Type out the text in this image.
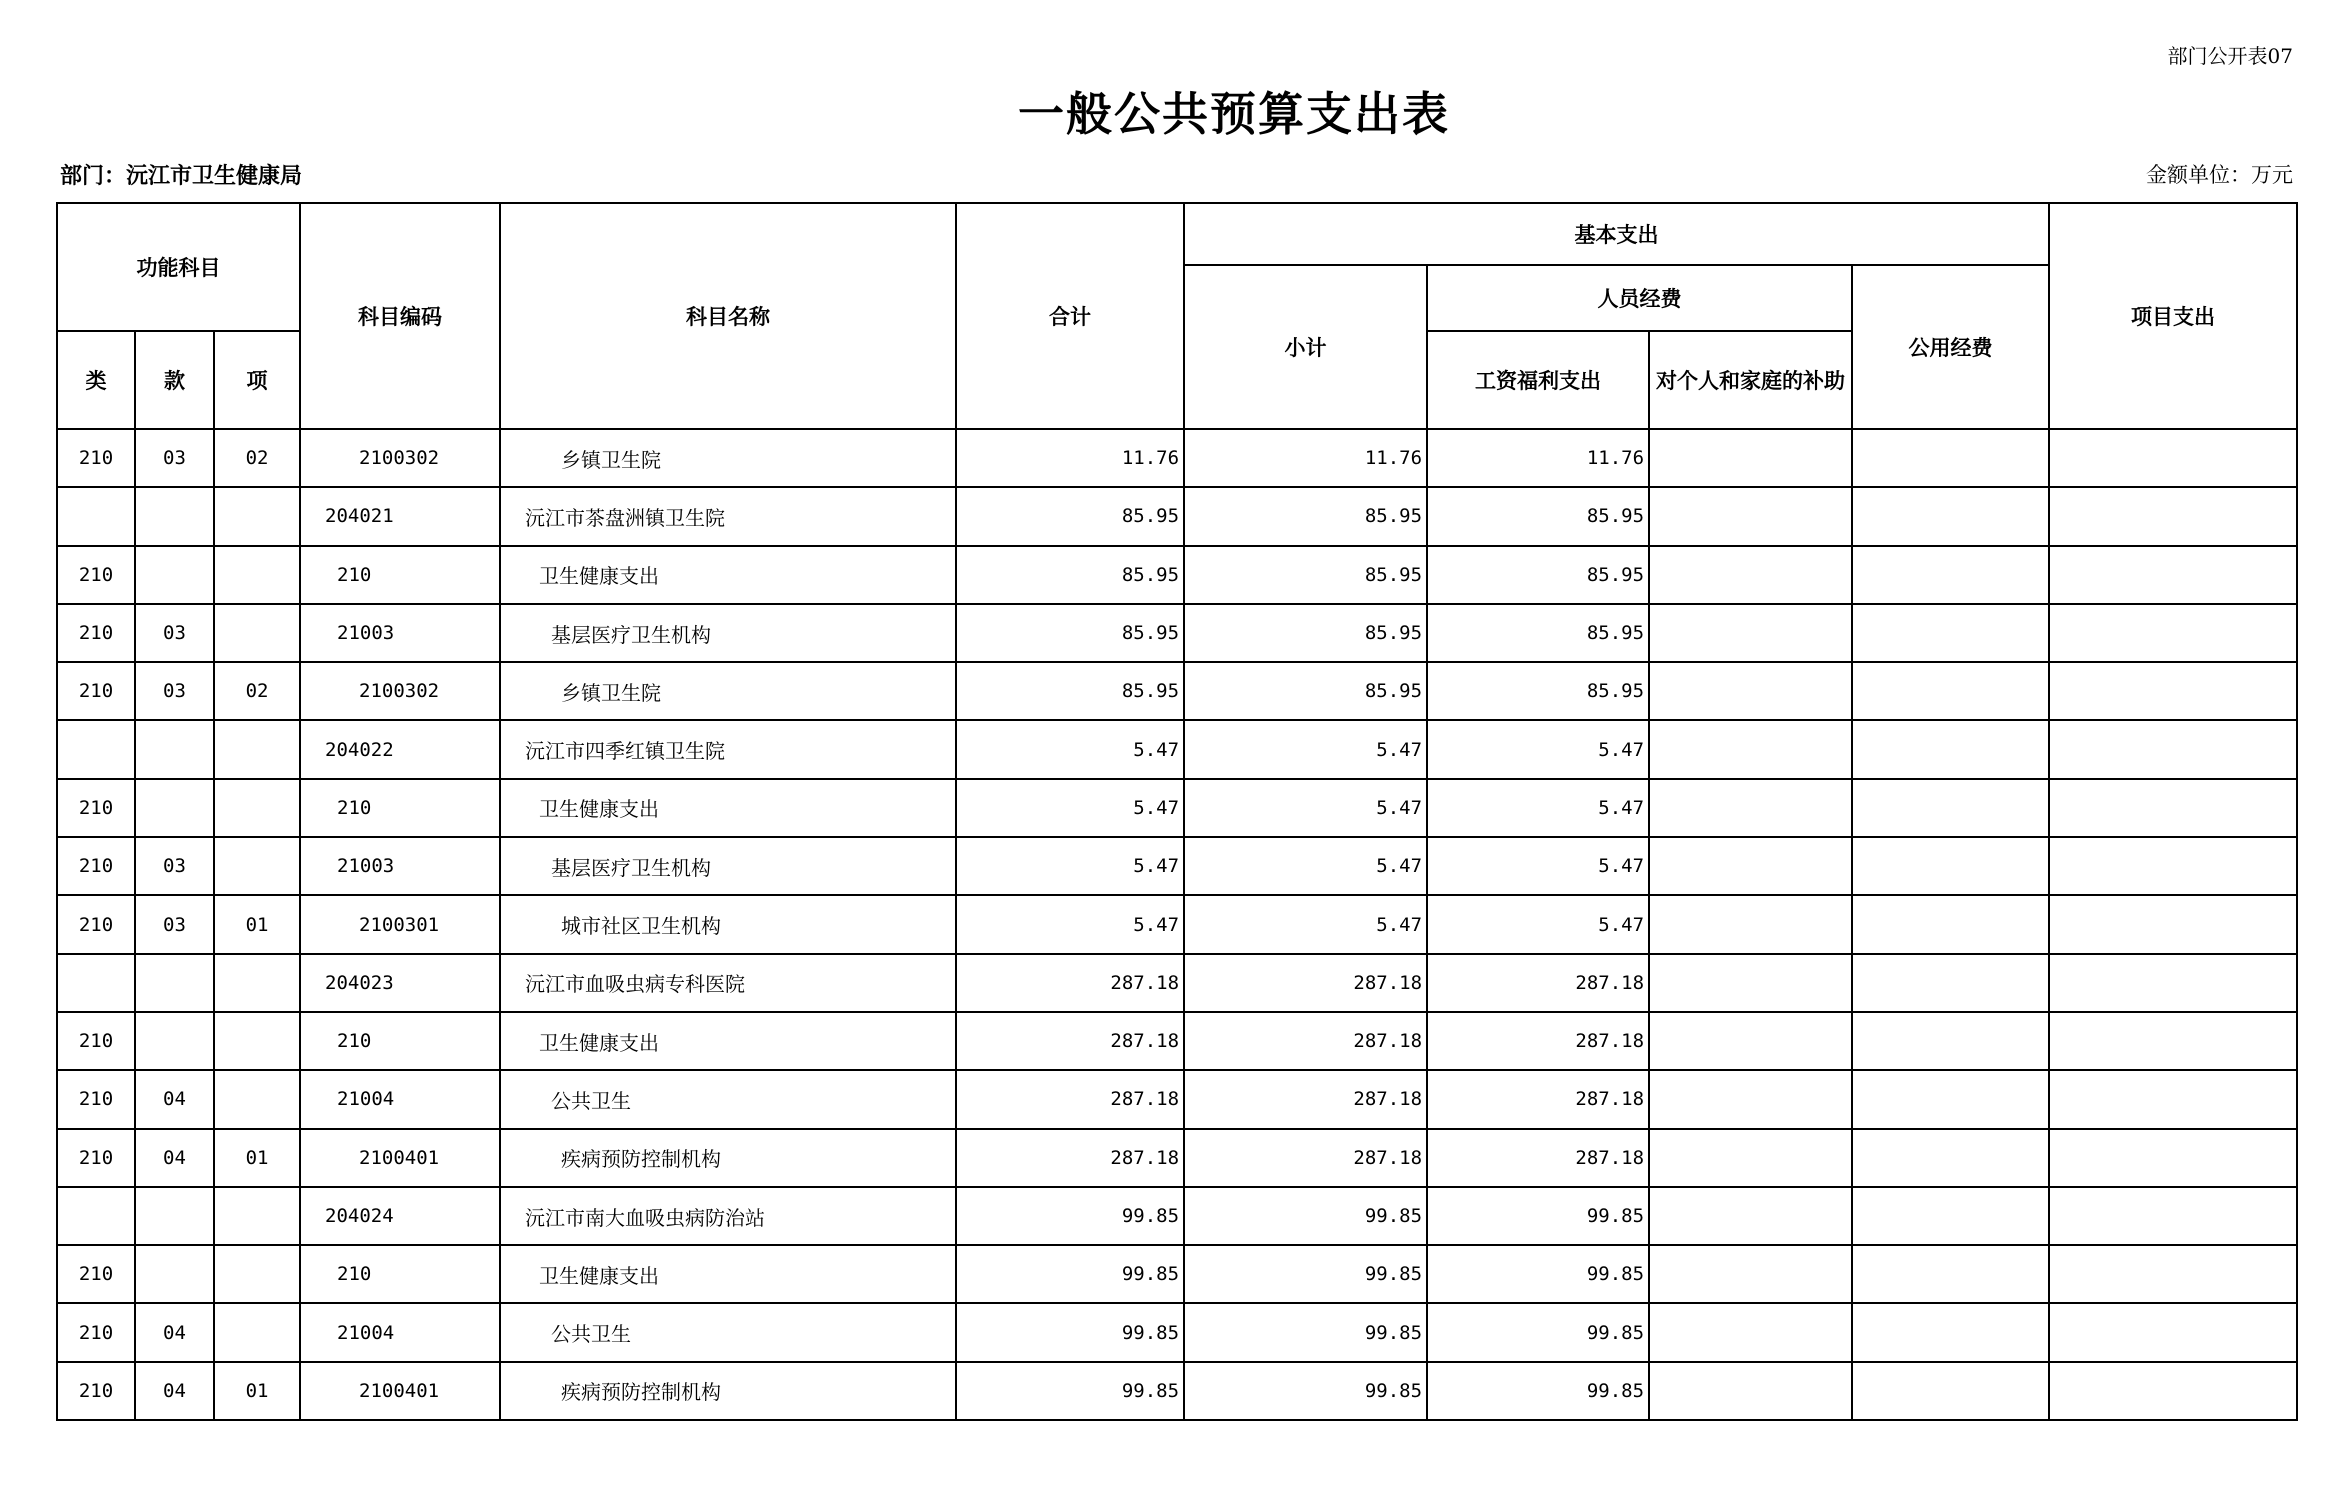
部门公开表07
一般公共预算支出表
部门：沅江市卫生健康局	金额单位：万元
功能科目			科目编码	科目名称	合计	基本支出				项目支出
						小计	人员经费		公用经费	
类	款	项					工资福利支出	对个人和家庭的补助		
210	03	02	2100302	乡镇卫生院	11.76	11.76	11.76			
			204021	沅江市茶盘洲镇卫生院	85.95	85.95	85.95			
210			210	卫生健康支出	85.95	85.95	85.95			
210	03		21003	基层医疗卫生机构	85.95	85.95	85.95			
210	03	02	2100302	乡镇卫生院	85.95	85.95	85.95			
			204022	沅江市四季红镇卫生院	5.47	5.47	5.47			
210			210	卫生健康支出	5.47	5.47	5.47			
210	03		21003	基层医疗卫生机构	5.47	5.47	5.47			
210	03	01	2100301	城市社区卫生机构	5.47	5.47	5.47			
			204023	沅江市血吸虫病专科医院	287.18	287.18	287.18			
210			210	卫生健康支出	287.18	287.18	287.18			
210	04		21004	公共卫生	287.18	287.18	287.18			
210	04	01	2100401	疾病预防控制机构	287.18	287.18	287.18			
			204024	沅江市南大血吸虫病防治站	99.85	99.85	99.85			
210			210	卫生健康支出	99.85	99.85	99.85			
210	04		21004	公共卫生	99.85	99.85	99.85			
210	04	01	2100401	疾病预防控制机构	99.85	99.85	99.85			
